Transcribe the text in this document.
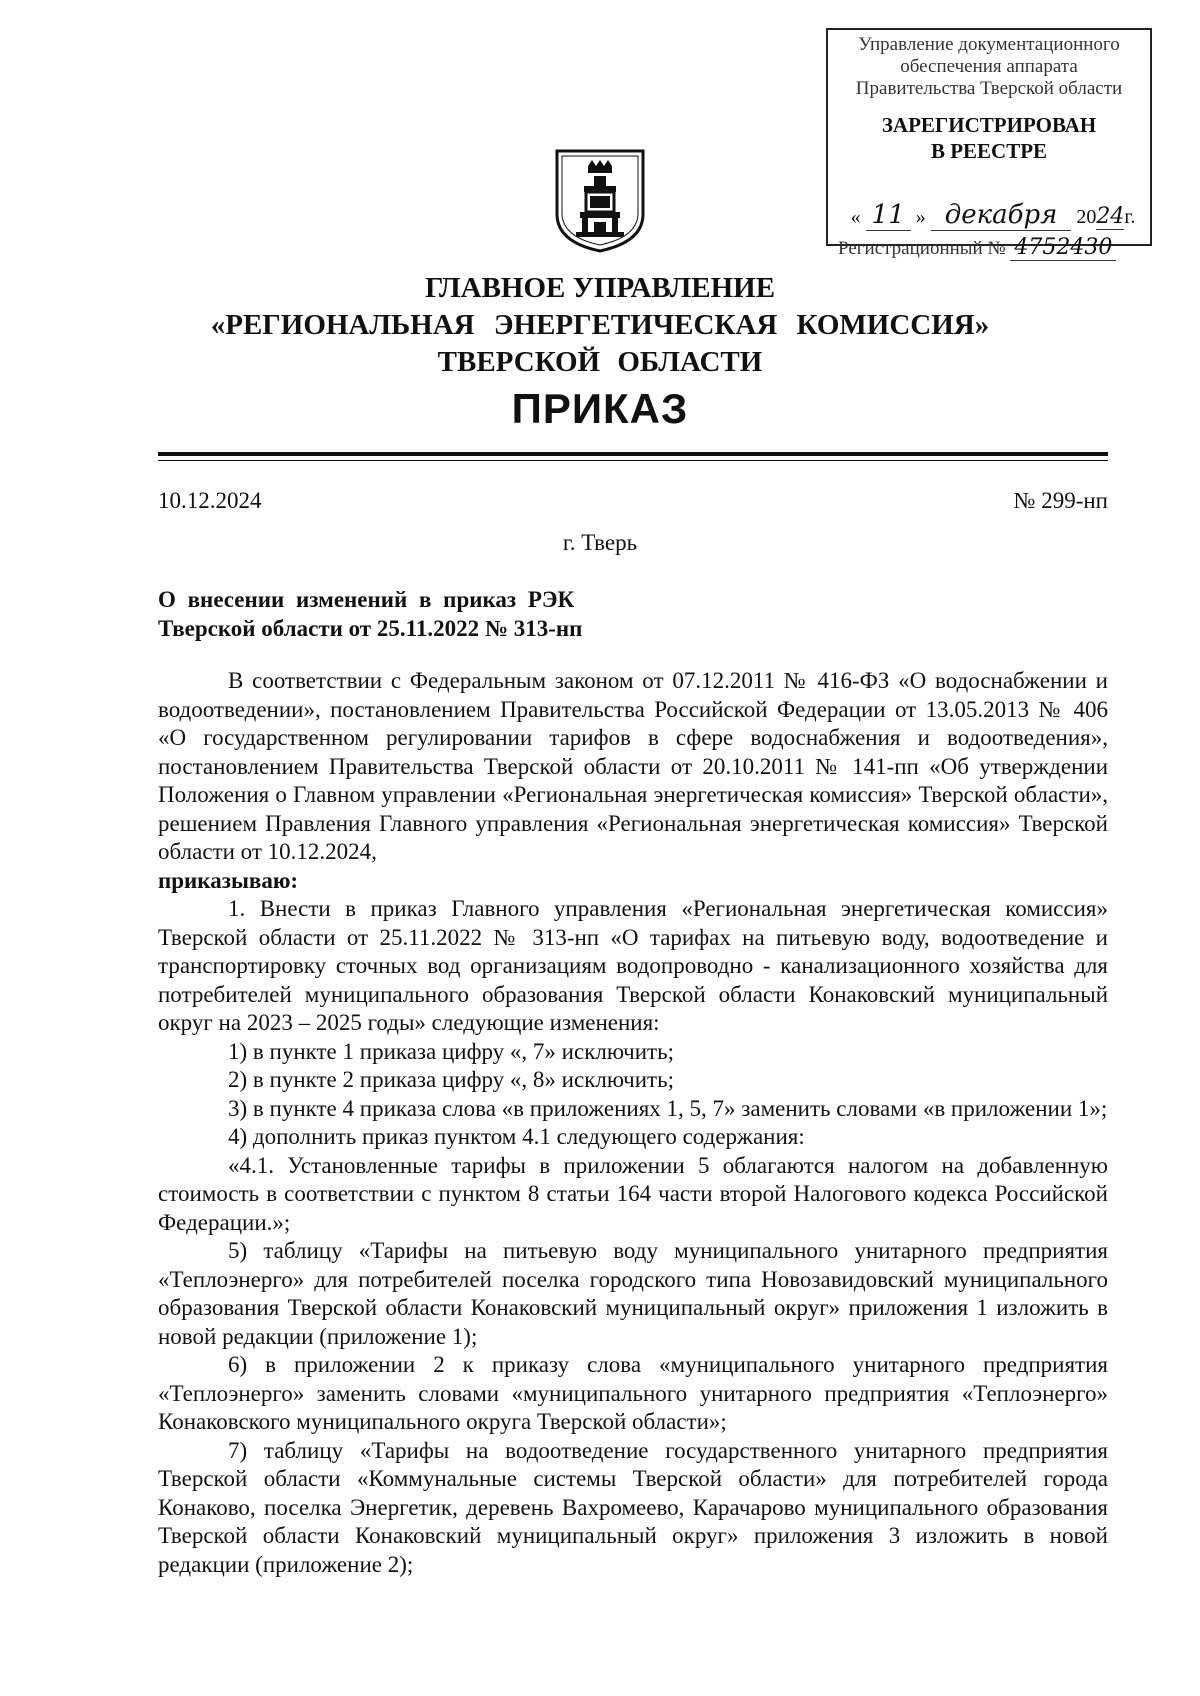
Управление документационного
обеспечения аппарата
Правительства Тверской области
ЗАРЕГИСТРИРОВАН
В РЕЕСТРЕ
« 11 » декабря 2024г.
Регистрационный № 4752430
ГЛАВНОЕ УПРАВЛЕНИЕ
«РЕГИОНАЛЬНАЯ ЭНЕРГЕТИЧЕСКАЯ КОМИССИЯ»
ТВЕРСКОЙ ОБЛАСТИ
ПРИКАЗ
10.12.2024	№ 299-нп
г. Тверь
О внесении изменений в приказ РЭК
Тверской области от 25.11.2022 № 313-нп

В соответствии с Федеральным законом от 07.12.2011 № 416-ФЗ «О водоснабжении и водоотведении», постановлением Правительства Российской Федерации от 13.05.2013 № 406 «О государственном регулировании тарифов в сфере водоснабжения и водоотведения», постановлением Правительства Тверской области от 20.10.2011 № 141-пп «Об утверждении Положения о Главном управлении «Региональная энергетическая комиссия» Тверской области», решением Правления Главного управления «Региональная энергетическая комиссия» Тверской области от 10.12.2024,

приказываю:

1. Внести в приказ Главного управления «Региональная энергетическая комиссия» Тверской области от 25.11.2022 № 313-нп «О тарифах на питьевую воду, водоотведение и транспортировку сточных вод организациям водопроводно - канализационного хозяйства для потребителей муниципального образования Тверской области Конаковский муниципальный округ на 2023 – 2025 годы» следующие изменения:

1) в пункте 1 приказа цифру «, 7» исключить;

2) в пункте 2 приказа цифру «, 8» исключить;

3) в пункте 4 приказа слова «в приложениях 1, 5, 7» заменить словами «в приложении 1»;

4) дополнить приказ пунктом 4.1 следующего содержания:

«4.1. Установленные тарифы в приложении 5 облагаются налогом на добавленную стоимость в соответствии с пунктом 8 статьи 164 части второй Налогового кодекса Российской Федерации.»;

5) таблицу «Тарифы на питьевую воду муниципального унитарного предприятия «Теплоэнерго» для потребителей поселка городского типа Новозавидовский муниципального образования Тверской области Конаковский муниципальный округ» приложения 1 изложить в новой редакции (приложение 1);

6) в приложении 2 к приказу слова «муниципального унитарного предприятия «Теплоэнерго» заменить словами «муниципального унитарного предприятия «Теплоэнерго» Конаковского муниципального округа Тверской области»;

7) таблицу «Тарифы на водоотведение государственного унитарного предприятия Тверской области «Коммунальные системы Тверской области» для потребителей города Конаково, поселка Энергетик, деревень Вахромеево, Карачарово муниципального образования Тверской области Конаковский муниципальный округ» приложения 3 изложить в новой редакции (приложение 2);
